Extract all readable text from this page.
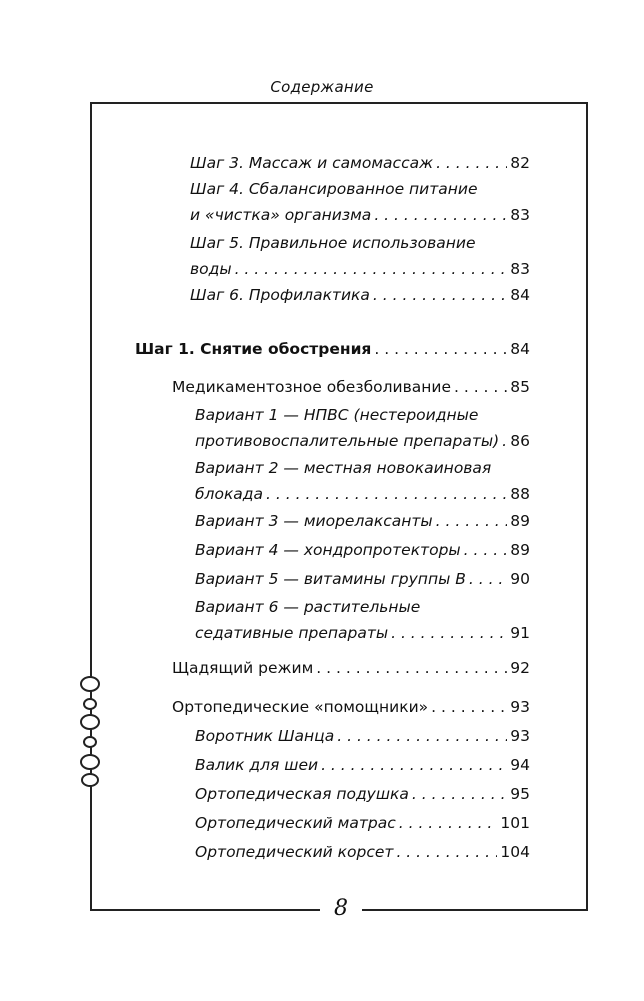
Содержание
8
Шаг 3. Массаж и самомассаж . . .	82
Шаг 4. Сбалансированное питание
и «чистка» организма . . .	83
Шаг 5. Правильное использование
воды . . .	83
Шаг 6. Профилактика . . .	84
Шаг 1. Снятие обострения . . .	84
Медикаментозное обезболивание . . .	85
Вариант 1 — НПВС (нестероидные
противовоспалительные препараты) . . . 86
Вариант 2 — местная новокаиновая
блокада . . .	88
Вариант 3 — миорелаксанты . . .	89
Вариант 4 — хондропротекторы . . .	89
Вариант 5 — витамины группы В . . .	90
Вариант 6 — растительные
седативные препараты . . .	91
Щадящий режим . . .	92
Ортопедические «помощники» . . .	93
Воротник Шанца . . .	93
Валик для шеи . . .	94
Ортопедическая подушка . . .	95
Ортопедический матрас . . .	101
Ортопедический корсет . . .	104
